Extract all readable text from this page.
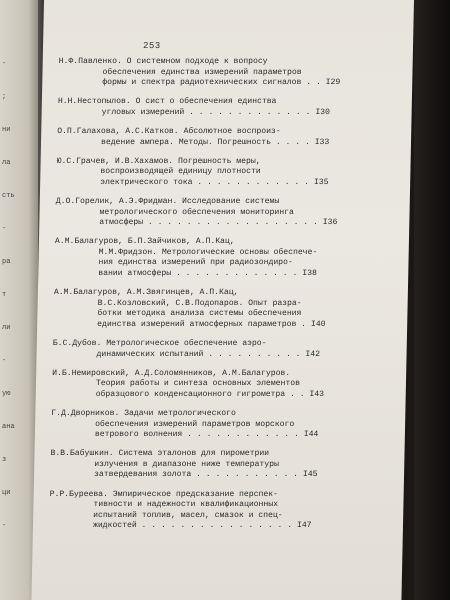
-
;
ни
ла
сть
-
ра
т
ли
-
ую
ана
з
ци
-
253
Н.Ф.Павленко. О системном подходе к вопросу
обеспечения единства измерений параметров
формы и спектра радиотехнических сигналов . . I29
Н.Н.Нестопылов. О сист о обеспечения единства
угловых измерений . . . . . . . . . . . . . I30
О.П.Галахова, А.С.Катков. Абсолютное воспроиз-
ведение ампера. Методы. Погрешность . . . . I33
Ю.С.Грачев, И.В.Хахамов. Погрешность меры,
воспроизводящей единицу плотности
электрического тока . . . . . . . . . . . . I35
Д.О.Горелик, А.Э.Фридман. Исследование системы
метрологического обеспечения мониторинга
атмосферы . . . . . . . . . . . . . . . . . . I36
А.М.Балагуров, Б.П.Зайчиков, А.П.Кац,
М.М.Фридзон. Метрологические основы обеспече-
ния единства измерений при радиозондиро-
вании атмосферы . . . . . . . . . . . . . I38
А.М.Балагуров, А.М.Звягинцев, А.П.Кац,
В.С.Козловский, С.В.Подопаров. Опыт разра-
ботки методика анализа системы обеспечения
единства измерений атмосферных параметров . I40
Б.С.Дубов. Метрологическое обеспечение аэро-
динамических испытаний . . . . . . . . . . I42
И.Б.Немировский, А.Д.Соломянников, А.М.Балагуров.
Теория работы и синтеза основных элементов
образцового конденсационного гигрометра . . I43
Г.Д.Дворников. Задачи метрологического
обеспечения измерений параметров морского
ветрового волнения . . . . . . . . . . . . I44
В.В.Бабушкин. Система эталонов для пирометрии
излучения в диапазоне ниже температуры
затвердевания золота . . . . . . . . . . . I45
Р.Р.Буреева. Эмпирическое предсказание перспек-
тивности и надежности квалификационных
испытаний топлив, масел, смазок и спец-
жидкостей . . . . . . . . . . . . . . . . I47
